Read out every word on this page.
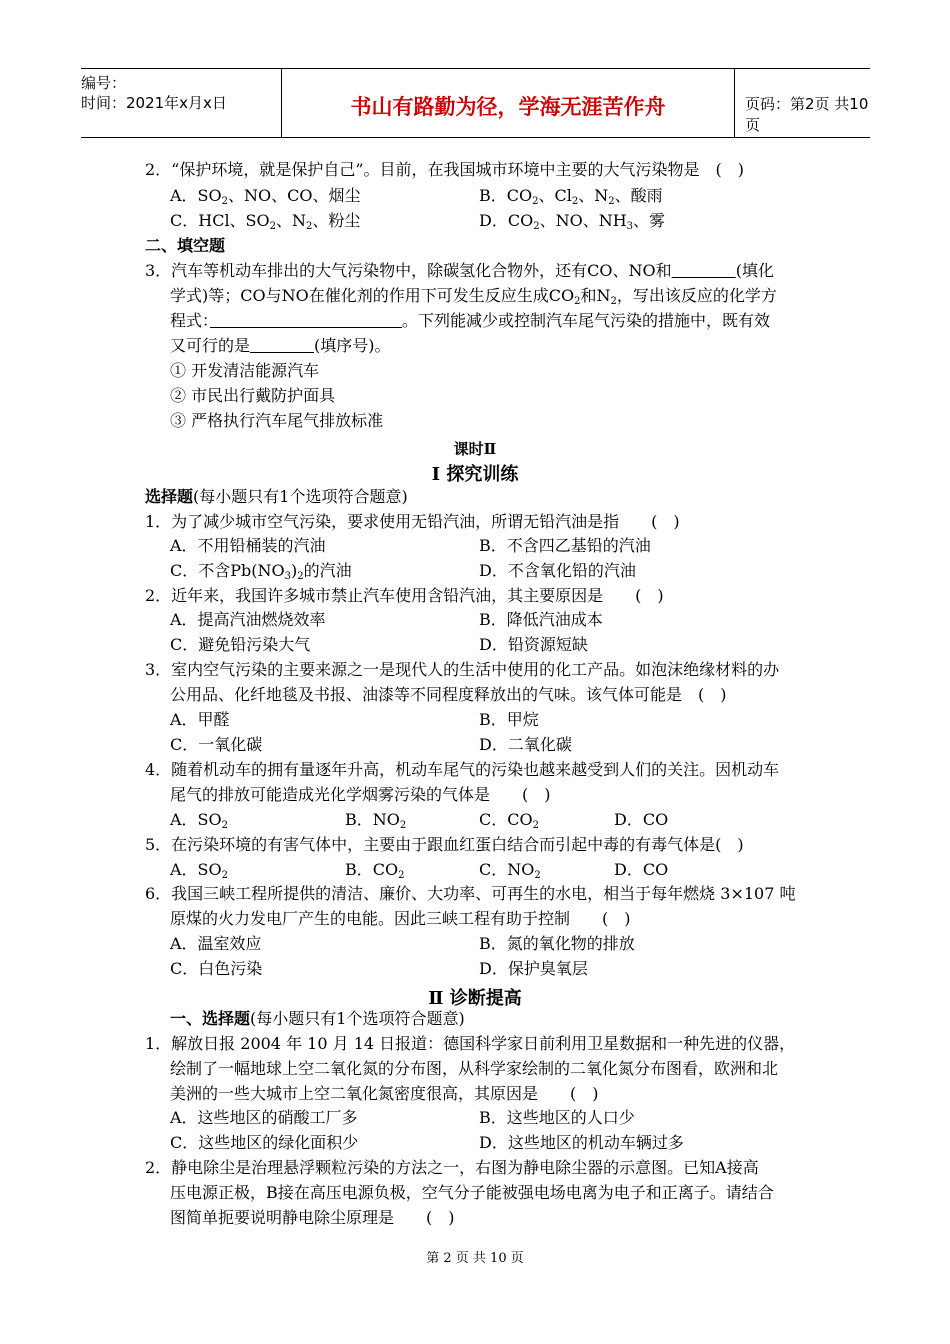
编号：
时间：2021年x月x日	书山有路勤为径，学海无涯苦作舟	页码：第2页 共10页
2．“保护环境，就是保护自己”。目前，在我国城市环境中主要的大气污染物是　(　)
A．$SO_2$、NO、CO、烟尘	B．$CO_2$、$Cl_2$、$N_2$、酸雨
C．HCl、$SO_2$、$N_2$、粉尘	D．$CO_2$、NO、$NH_3$、雾
二、填空题
3．汽车等机动车排出的大气污染物中，除碳氢化合物外，还有CO、NO和　　　　	(填化
学式)等；CO与NO在催化剂的作用下可发生反应生成$CO_2$和$N_2$，写出该反应的化学方
程式：　　　　　　　　　　　　	。下列能减少或控制汽车尾气污染的措施中，既有效
又可行的是　　　　	(填序号)。
① 开发清洁能源汽车
② 市民出行戴防护面具
③ 严格执行汽车尾气排放标准
课时Ⅱ
Ⅰ 探究训练
选择题(每小题只有1个选项符合题意)
1．为了减少城市空气污染，要求使用无铅汽油，所谓无铅汽油是指　　(　)
A．不用铅桶装的汽油	B．不含四乙基铅的汽油
C．不含$Pb(NO_3)_2$的汽油	D．不含氧化铅的汽油
2．近年来，我国许多城市禁止汽车使用含铅汽油，其主要原因是　　(　)
A．提高汽油燃烧效率	B．降低汽油成本
C．避免铅污染大气	D．铅资源短缺
3．室内空气污染的主要来源之一是现代人的生活中使用的化工产品。如泡沫绝缘材料的办
公用品、化纤地毯及书报、油漆等不同程度释放出的气味。该气体可能是　(　)
A．甲醛	B．甲烷
C．一氧化碳	D．二氧化碳
4．随着机动车的拥有量逐年升高，机动车尾气的污染也越来越受到人们的关注。因机动车
尾气的排放可能造成光化学烟雾污染的气体是　　(　)
A．$SO_2$	B．$NO_2$	C．$CO_2$	D．CO
5．在污染环境的有害气体中，主要由于跟血红蛋白结合而引起中毒的有毒气体是(　)
A．$SO_2$	B．$CO_2$	C．$NO_2$	D．CO
6．我国三峡工程所提供的清洁、廉价、大功率、可再生的水电，相当于每年燃烧 3×107 吨
原煤的火力发电厂产生的电能。因此三峡工程有助于控制　　(　)
A．温室效应	B．氮的氧化物的排放
C．白色污染	D．保护臭氧层
Ⅱ 诊断提高
一、选择题(每小题只有1个选项符合题意)
1．解放日报 2004 年 10 月 14 日报道：德国科学家日前利用卫星数据和一种先进的仪器，
绘制了一幅地球上空二氧化氮的分布图，从科学家绘制的二氧化氮分布图看，欧洲和北
美洲的一些大城市上空二氧化氮密度很高，其原因是　　(　)
A．这些地区的硝酸工厂多	B．这些地区的人口少
C．这些地区的绿化面积少	D．这些地区的机动车辆过多
2．静电除尘是治理悬浮颗粒污染的方法之一，右图为静电除尘器的示意图。已知A接高
压电源正极，B接在高压电源负极，空气分子能被强电场电离为电子和正离子。请结合
图简单扼要说明静电除尘原理是　　(　)
第 2 页 共 10 页
